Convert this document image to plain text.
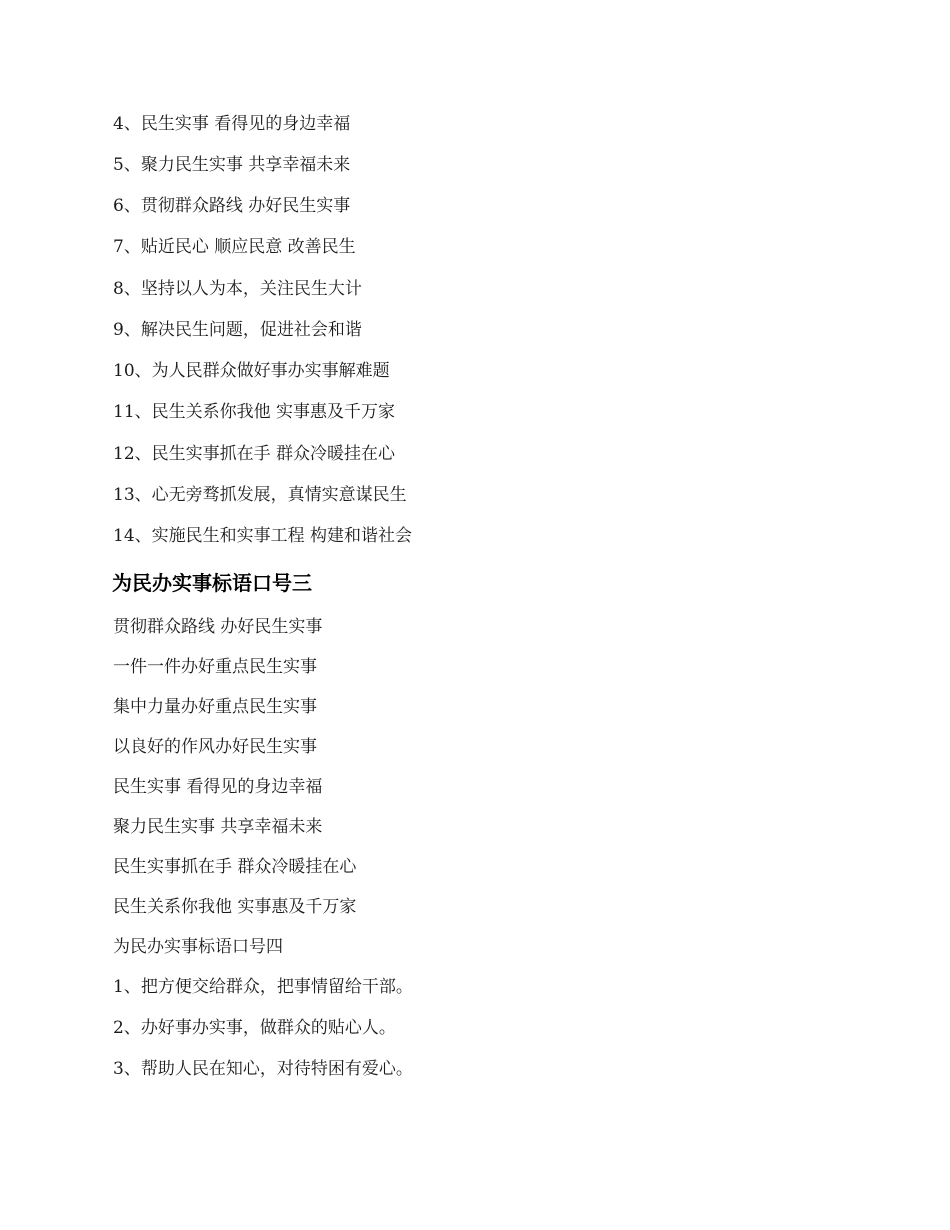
4、民生实事 看得见的身边幸福
5、聚力民生实事 共享幸福未来
6、贯彻群众路线 办好民生实事
7、贴近民心 顺应民意 改善民生
8、坚持以人为本，关注民生大计
9、解决民生问题，促进社会和谐
10、为人民群众做好事办实事解难题
11、民生关系你我他 实事惠及千万家
12、民生实事抓在手 群众冷暖挂在心
13、心无旁骛抓发展，真情实意谋民生
14、实施民生和实事工程 构建和谐社会
为民办实事标语口号三
贯彻群众路线 办好民生实事
一件一件办好重点民生实事
集中力量办好重点民生实事
以良好的作风办好民生实事
民生实事 看得见的身边幸福
聚力民生实事 共享幸福未来
民生实事抓在手 群众冷暖挂在心
民生关系你我他 实事惠及千万家
为民办实事标语口号四
1、把方便交给群众，把事情留给干部。
2、办好事办实事，做群众的贴心人。
3、帮助人民在知心，对待特困有爱心。
